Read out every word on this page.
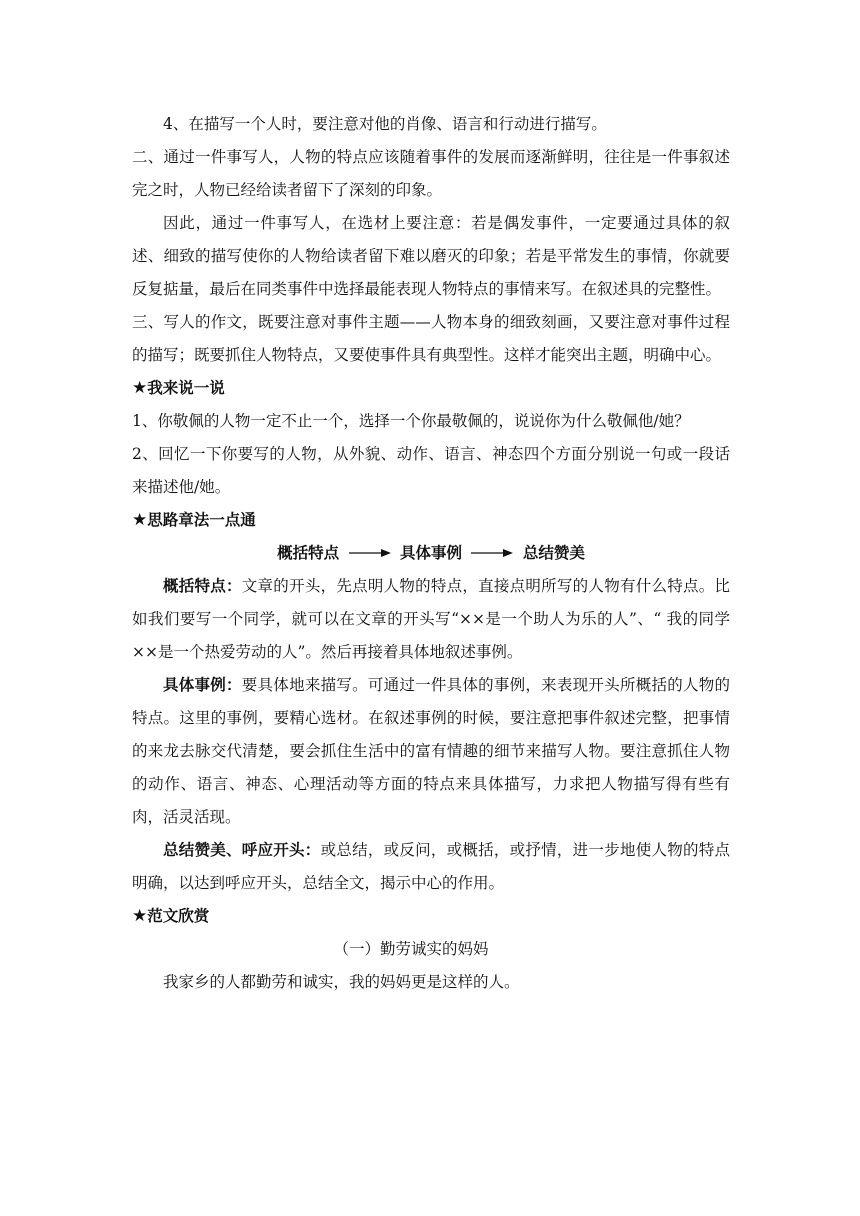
4、在描写一个人时，要注意对他的肖像、语言和行动进行描写。

二、通过一件事写人，人物的特点应该随着事件的发展而逐渐鲜明，往往是一件事叙述完之时，人物已经给读者留下了深刻的印象。

因此，通过一件事写人，在选材上要注意：若是偶发事件，一定要通过具体的叙述、细致的描写使你的人物给读者留下难以磨灭的印象；若是平常发生的事情，你就要反复掂量，最后在同类事件中选择最能表现人物特点的事情来写。在叙述具的完整性。

三、写人的作文，既要注意对事件主题——人物本身的细致刻画，又要注意对事件过程的描写；既要抓住人物特点，又要使事件具有典型性。这样才能突出主题，明确中心。

★我来说一说

1、你敬佩的人物一定不止一个，选择一个你最敬佩的，说说你为什么敬佩他/她？

2、回忆一下你要写的人物，从外貌、动作、语言、神态四个方面分别说一句或一段话来描述他/她。

★思路章法一点通

概括特点	具体事例	总结赞美

概括特点：文章的开头，先点明人物的特点，直接点明所写的人物有什么特点。比如我们要写一个同学，就可以在文章的开头写“××是一个助人为乐的人”、“ 我的同学××是一个热爱劳动的人”。然后再接着具体地叙述事例。

具体事例：要具体地来描写。可通过一件具体的事例，来表现开头所概括的人物的特点。这里的事例，要精心选材。在叙述事例的时候，要注意把事件叙述完整，把事情的来龙去脉交代清楚，要会抓住生活中的富有情趣的细节来描写人物。要注意抓住人物的动作、语言、神态、心理活动等方面的特点来具体描写，力求把人物描写得有些有肉，活灵活现。

总结赞美、呼应开头：或总结，或反问，或概括，或抒情，进一步地使人物的特点明确，以达到呼应开头，总结全文，揭示中心的作用。

★范文欣赏

（一）勤劳诚实的妈妈

我家乡的人都勤劳和诚实，我的妈妈更是这样的人。
